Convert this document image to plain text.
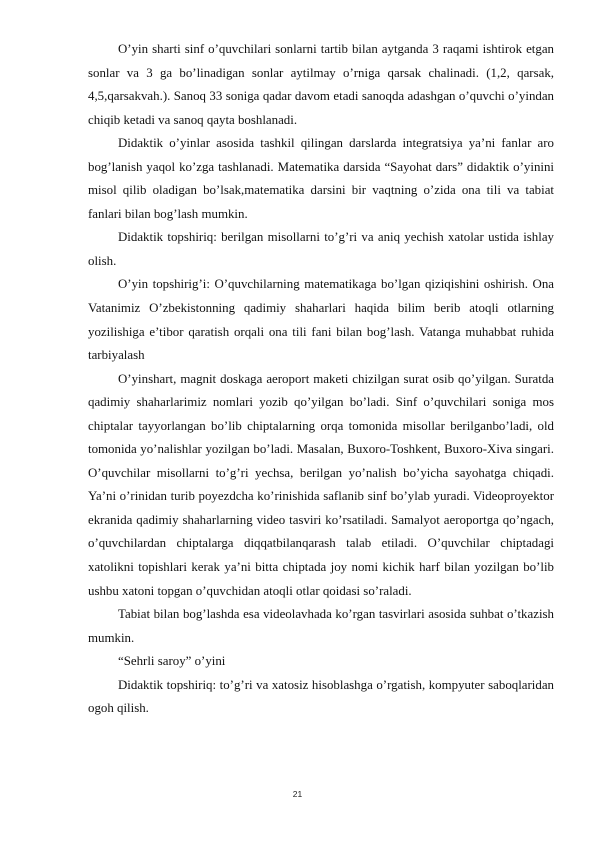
O’yin sharti sinf o’quvchilari sonlarni tartib bilan aytganda 3 raqami ishtirok etgan sonlar va 3 ga bo’linadigan sonlar aytilmay o’rniga qarsak chalinadi. (1,2, qarsak, 4,5,qarsakvah.). Sanoq 33 soniga qadar davom etadi sanoqda adashgan o’quvchi o’yindan chiqib ketadi va sanoq qayta boshlanadi.

Didaktik o’yinlar asosida tashkil qilingan darslarda integratsiya ya’ni fanlar aro bog’lanish yaqol ko’zga tashlanadi. Matematika darsida “Sayohat dars” didaktik o’yinini misol qilib oladigan bo’lsak,matematika darsini bir vaqtning o’zida ona tili va tabiat fanlari bilan bog’lash mumkin.

Didaktik topshiriq: berilgan misollarni to’g’ri va aniq yechish xatolar ustida ishlay olish.

O’yin topshirig’i: O’quvchilarning matematikaga bo’lgan qiziqishini oshirish. Ona Vatanimiz O’zbekistonning qadimiy shaharlari haqida bilim berib atoqli otlarning yozilishiga e’tibor qaratish orqali ona tili fani bilan bog’lash. Vatanga muhabbat ruhida tarbiyalash

O’yinshart, magnit doskaga aeroport maketi chizilgan surat osib qo’yilgan. Suratda qadimiy shaharlarimiz nomlari yozib qo’yilgan bo’ladi. Sinf o’quvchilari soniga mos chiptalar tayyorlangan bo’lib chiptalarning orqa tomonida misollar berilganbo’ladi, old tomonida yo’nalishlar yozilgan bo’ladi. Masalan, Buxoro-Toshkent, Buxoro-Xiva singari. O’quvchilar misollarni to’g’ri yechsa, berilgan yo’nalish bo’yicha sayohatga chiqadi. Ya’ni o’rinidan turib poyezdcha ko’rinishida saflanib sinf bo’ylab yuradi. Videoproyektor ekranida qadimiy shaharlarning video tasviri ko’rsatiladi. Samalyot aeroportga qo’ngach, o’quvchilardan chiptalarga diqqatbilanqarash talab etiladi. O’quvchilar chiptadagi xatolikni topishlari kerak ya’ni bitta chiptada joy nomi kichik harf bilan yozilgan bo’lib ushbu xatoni topgan o’quvchidan atoqli otlar qoidasi so’raladi.

Tabiat bilan bog’lashda esa videolavhada ko’rgan tasvirlari asosida suhbat o’tkazish mumkin.

“Sehrli saroy” o’yini

Didaktik topshiriq: to’g’ri va xatosiz hisoblashga o’rgatish, kompyuter saboqlaridan ogoh qilish.

21
